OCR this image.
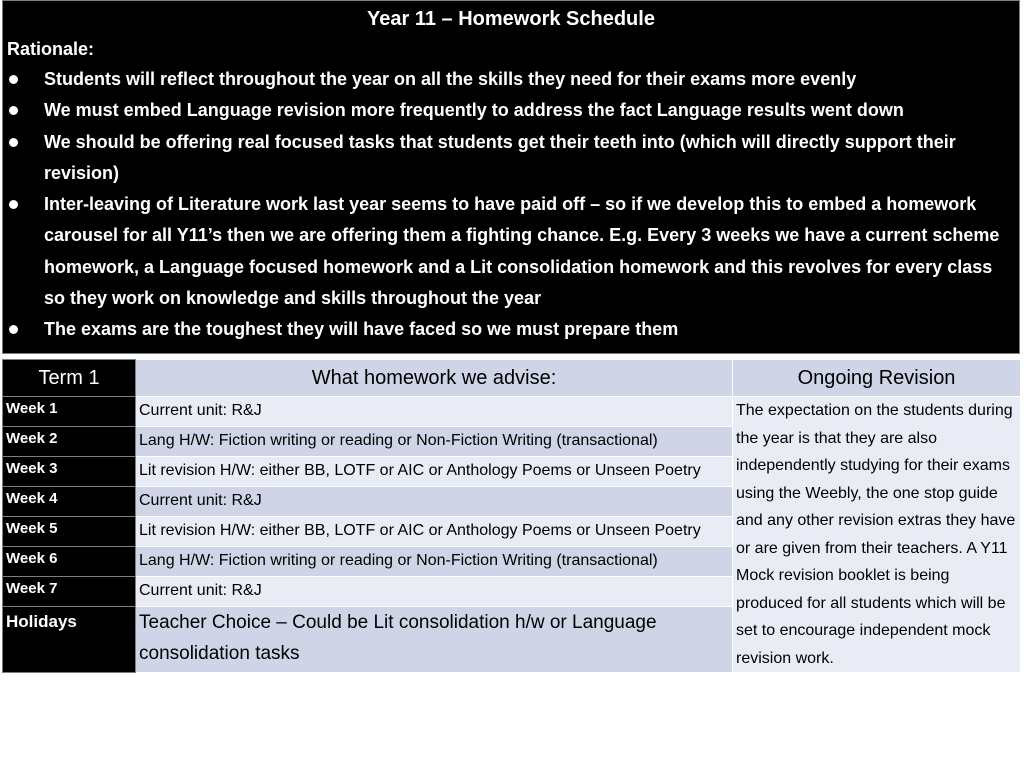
Year 11 – Homework Schedule
Rationale:
Students will reflect throughout the year on all the skills they need for their exams more evenly
We must embed Language revision more frequently to address the fact Language results went down
We should be offering real focused tasks that students get their teeth into (which will directly support their revision)
Inter-leaving of Literature work last year seems to have paid off – so if we develop this to embed a homework carousel for all Y11’s then we are offering them a fighting chance. E.g. Every 3 weeks we have a current scheme homework, a Language focused homework and a Lit consolidation homework and this revolves for every class so they work on knowledge and skills throughout the year
The exams are the toughest they will have faced so we must prepare them
Term 1	What homework we advise:	Ongoing Revision
Week 1	Current unit: R&J	The expectation on the students during the year is that they are also independently studying for their exams using the Weebly, the one stop guide and any other revision extras they have or are given from their teachers. A Y11 Mock revision booklet is being produced for all students which will be set to encourage independent mock revision work.
Week 2	Lang H/W: Fiction writing or reading or Non-Fiction Writing (transactional)	
Week 3	Lit revision H/W: either BB, LOTF or AIC or Anthology Poems or Unseen Poetry	
Week 4	Current unit: R&J	
Week 5	Lit revision H/W: either BB, LOTF or AIC or Anthology Poems or Unseen Poetry	
Week 6	Lang H/W: Fiction writing or reading or Non-Fiction Writing (transactional)	
Week 7	Current unit: R&J	
Holidays	Teacher Choice – Could be Lit consolidation h/w or Language consolidation tasks	
